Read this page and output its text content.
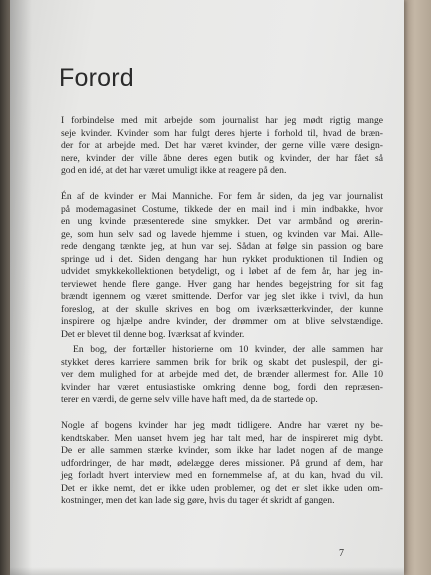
Forord
I forbindelse med mit arbejde som journalist har jeg mødt rigtig mange
seje kvinder. Kvinder som har fulgt deres hjerte i forhold til, hvad de bræn-
der for at arbejde med. Det har været kvinder, der gerne ville være design-
nere, kvinder der ville åbne deres egen butik og kvinder, der har fået så
god en idé, at det har været umuligt ikke at reagere på den.
Én af de kvinder er Mai Manniche. For fem år siden, da jeg var journalist
på modemagasinet Costume, tikkede der en mail ind i min indbakke, hvor
en ung kvinde præsenterede sine smykker. Det var armbånd og ørerin-
ge, som hun selv sad og lavede hjemme i stuen, og kvinden var Mai. Alle-
rede dengang tænkte jeg, at hun var sej. Sådan at følge sin passion og bare
springe ud i det. Siden dengang har hun rykket produktionen til Indien og
udvidet smykkekollektionen betydeligt, og i løbet af de fem år, har jeg in-
terviewet hende flere gange. Hver gang har hendes begejstring for sit fag
brændt igennem og været smittende. Derfor var jeg slet ikke i tvivl, da hun
foreslog, at der skulle skrives en bog om iværksætterkvinder, der kunne
inspirere og hjælpe andre kvinder, der drømmer om at blive selvstændige.
Det er blevet til denne bog. Iværksat af kvinder.
En bog, der fortæller historierne om 10 kvinder, der alle sammen har
stykket deres karriere sammen brik for brik og skabt det puslespil, der gi-
ver dem mulighed for at arbejde med det, de brænder allermest for. Alle 10
kvinder har været entusiastiske omkring denne bog, fordi den repræsen-
terer en værdi, de gerne selv ville have haft med, da de startede op.
Nogle af bogens kvinder har jeg mødt tidligere. Andre har været ny be-
kendtskaber. Men uanset hvem jeg har talt med, har de inspireret mig dybt.
De er alle sammen stærke kvinder, som ikke har ladet nogen af de mange
udfordringer, de har mødt, ødelægge deres missioner. På grund af dem, har
jeg forladt hvert interview med en fornemmelse af, at du kan, hvad du vil.
Det er ikke nemt, det er ikke uden problemer, og det er slet ikke uden om-
kostninger, men det kan lade sig gøre, hvis du tager ét skridt af gangen.
7
